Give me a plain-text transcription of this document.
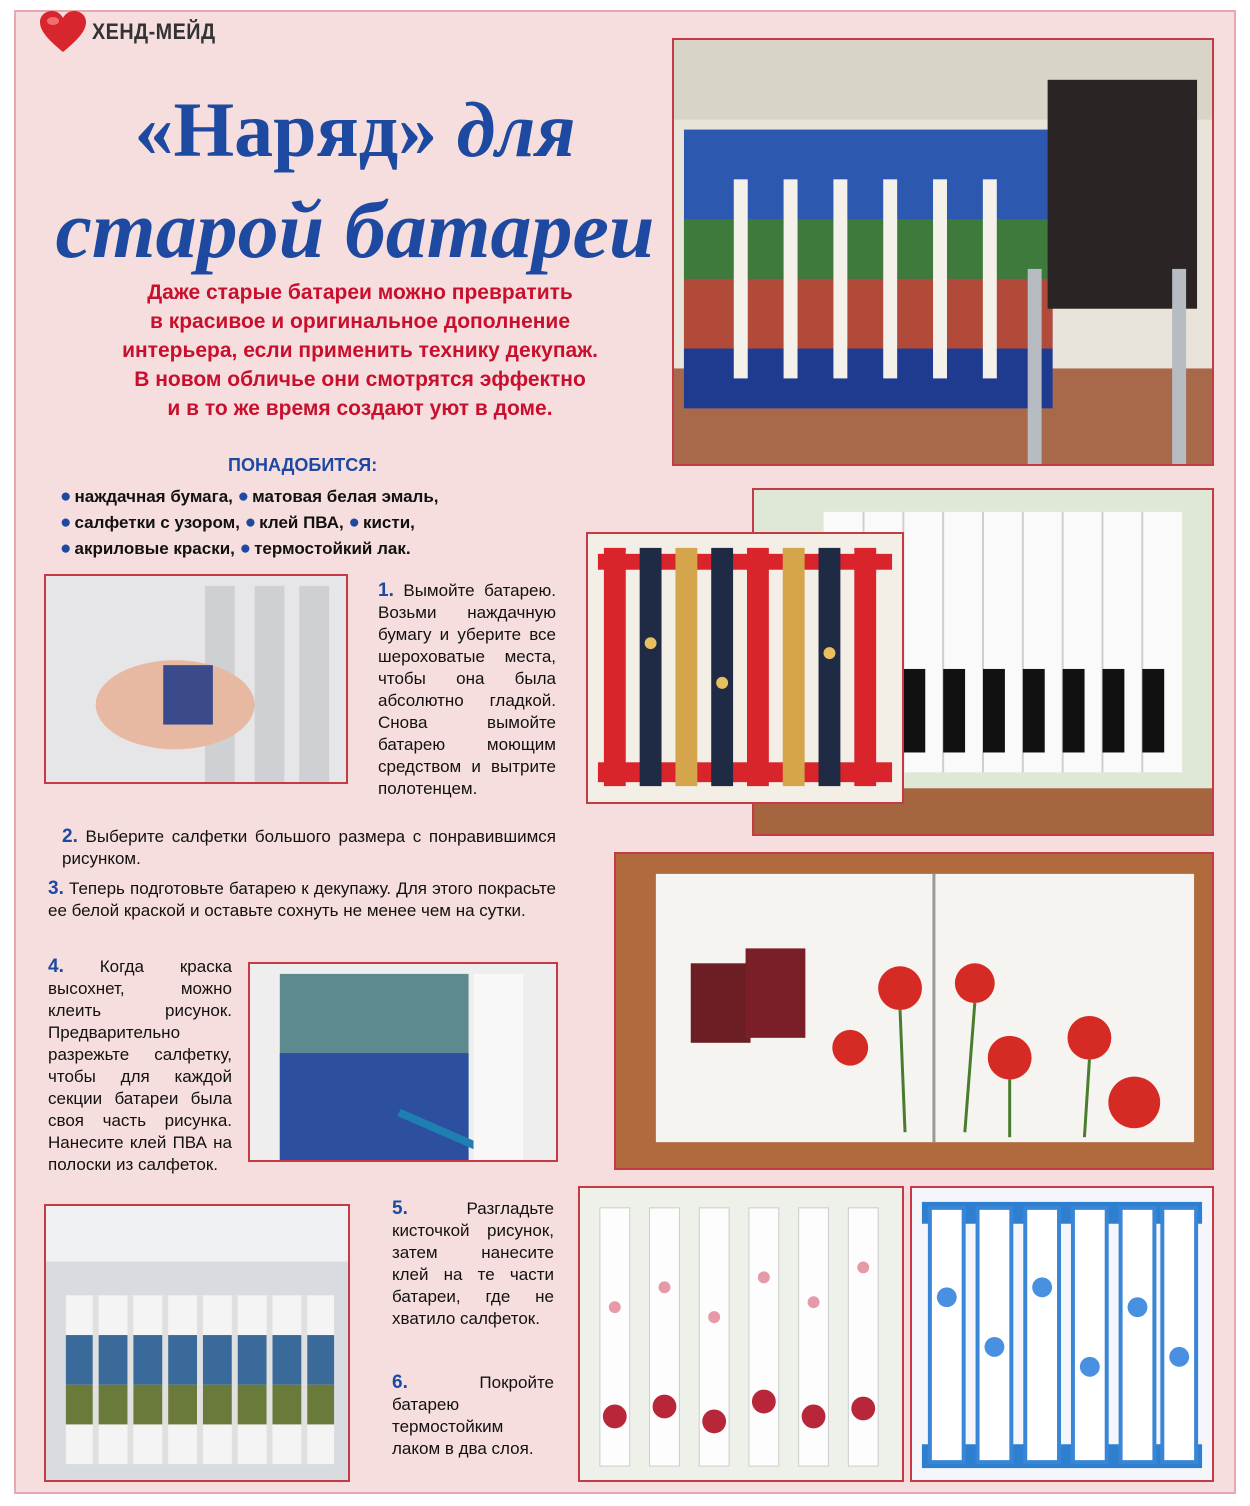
ХЕНД-МЕЙД
«Наряд» для
старой батареи
Даже старые батареи можно превратить
в красивое и оригинальное дополнение
интерьера, если применить технику декупаж.
В новом обличье они смотрятся эффектно
и в то же время создают уют в доме.
ПОНАДОБИТСЯ:
● наждачная бумага, ● матовая белая эмаль,
● салфетки с узором, ● клей ПВА, ● кисти,
● акриловые краски, ● термостойкий лак.
1. Вымойте батарею. Возьми наждачную бумагу и уберите все шероховатые места, чтобы она была абсолютно гладкой. Снова вымойте батарею моющим средством и вытрите полотенцем.
2. Выберите салфетки большого размера с понравившимся рисунком.
3. Теперь подготовьте батарею к декупажу. Для этого покрасьте ее белой краской и оставьте сохнуть не менее чем на сутки.
4. Когда краска высохнет, можно клеить рисунок. Предварительно разрежьте салфетку, чтобы для каждой секции батареи была своя часть рисунка. Нанесите клей ПВА на полоски из салфеток.
5.	Разгладьте кисточкой рисунок, затем нанесите клей на те части батареи, где не хватило салфеток.
6.	Покройте батарею термостойким лаком в два слоя.
